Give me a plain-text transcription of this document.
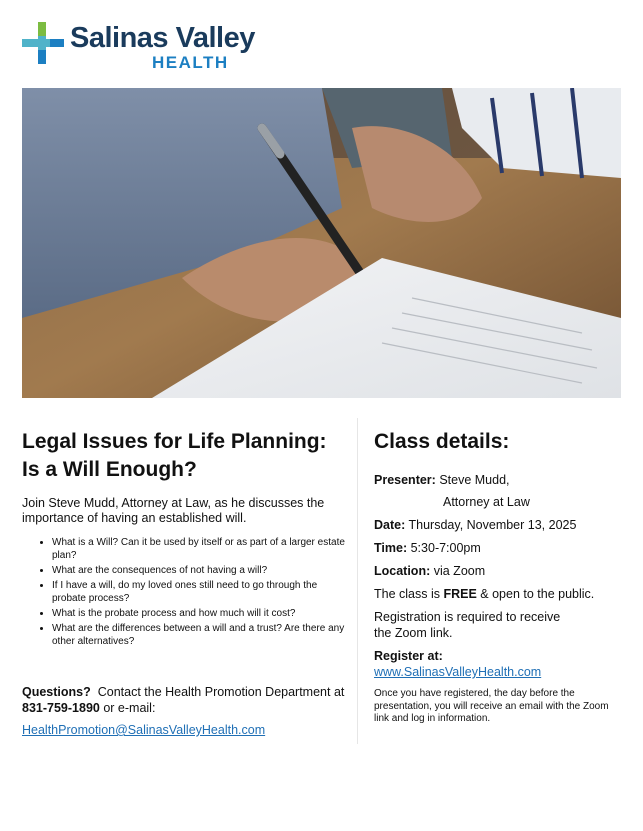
Salinas Valley
HEALTH
Legal Issues for Life Planning: Is a Will Enough?

Join Steve Mudd, Attorney at Law, as he discusses the importance of having an established will.

• What is a Will? Can it be used by itself or as part of a larger estate plan?
• What are the consequences of not having a will?
• If I have a will, do my loved ones still need to go through the probate process?
• What is the probate process and how much will it cost?
• What are the differences between a will and a trust? Are there any other alternatives?
Questions? Contact the Health Promotion Department at 831-759-1890 or e-mail:
HealthPromotion@SalinasValleyHealth.com
Class details:
Presenter: Steve Mudd,
Attorney at Law
Date: Thursday, November 13, 2025
Time: 5:30-7:00pm
Location: via Zoom
The class is FREE & open to the public.
Registration is required to receive the Zoom link.
Register at:
www.SalinasValleyHealth.com
Once you have registered, the day before the presentation, you will receive an email with the Zoom link and log in information.
